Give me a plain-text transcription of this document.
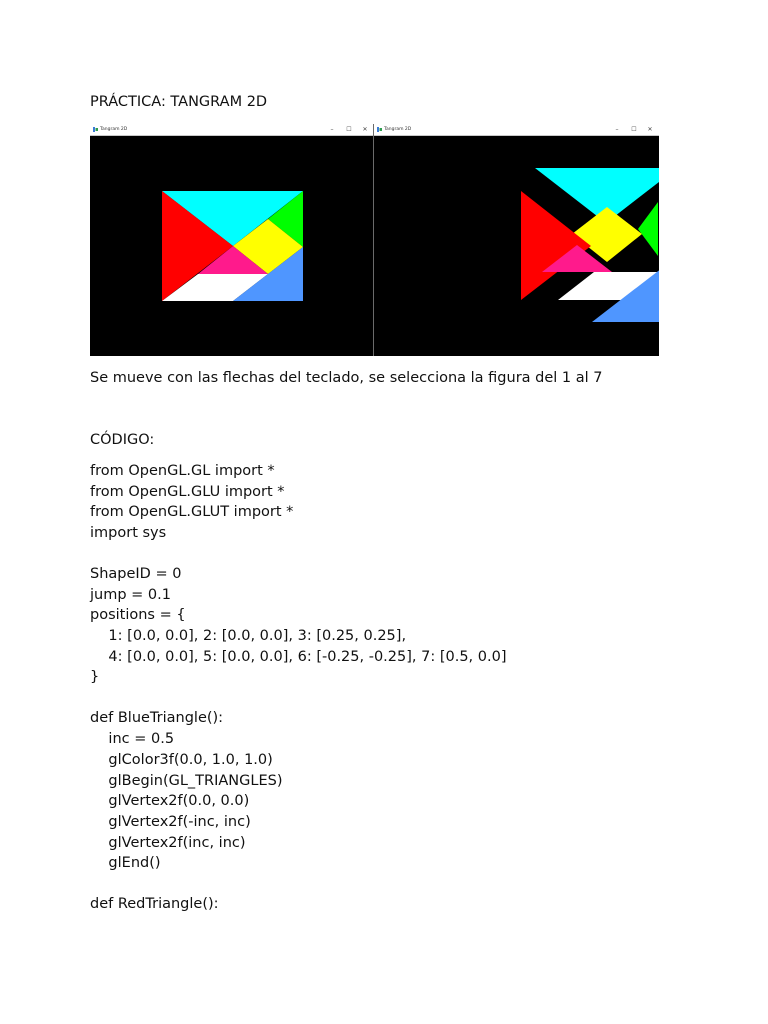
PRÁCTICA: TANGRAM 2D
Tangram 2D	–	☐	✕	Tangram 2D	–	☐	✕
Se mueve con las flechas del teclado, se selecciona la figura del 1 al 7
CÓDIGO:
from OpenGL.GL import *
from OpenGL.GLU import *
from OpenGL.GLUT import *
import sys
ShapeID = 0
jump = 0.1
positions = {
1: [0.0, 0.0], 2: [0.0, 0.0], 3: [0.25, 0.25],
4: [0.0, 0.0], 5: [0.0, 0.0], 6: [-0.25, -0.25], 7: [0.5, 0.0]
}
def BlueTriangle():
inc = 0.5
glColor3f(0.0, 1.0, 1.0)
glBegin(GL_TRIANGLES)
glVertex2f(0.0, 0.0)
glVertex2f(-inc, inc)
glVertex2f(inc, inc)
glEnd()
def RedTriangle():
